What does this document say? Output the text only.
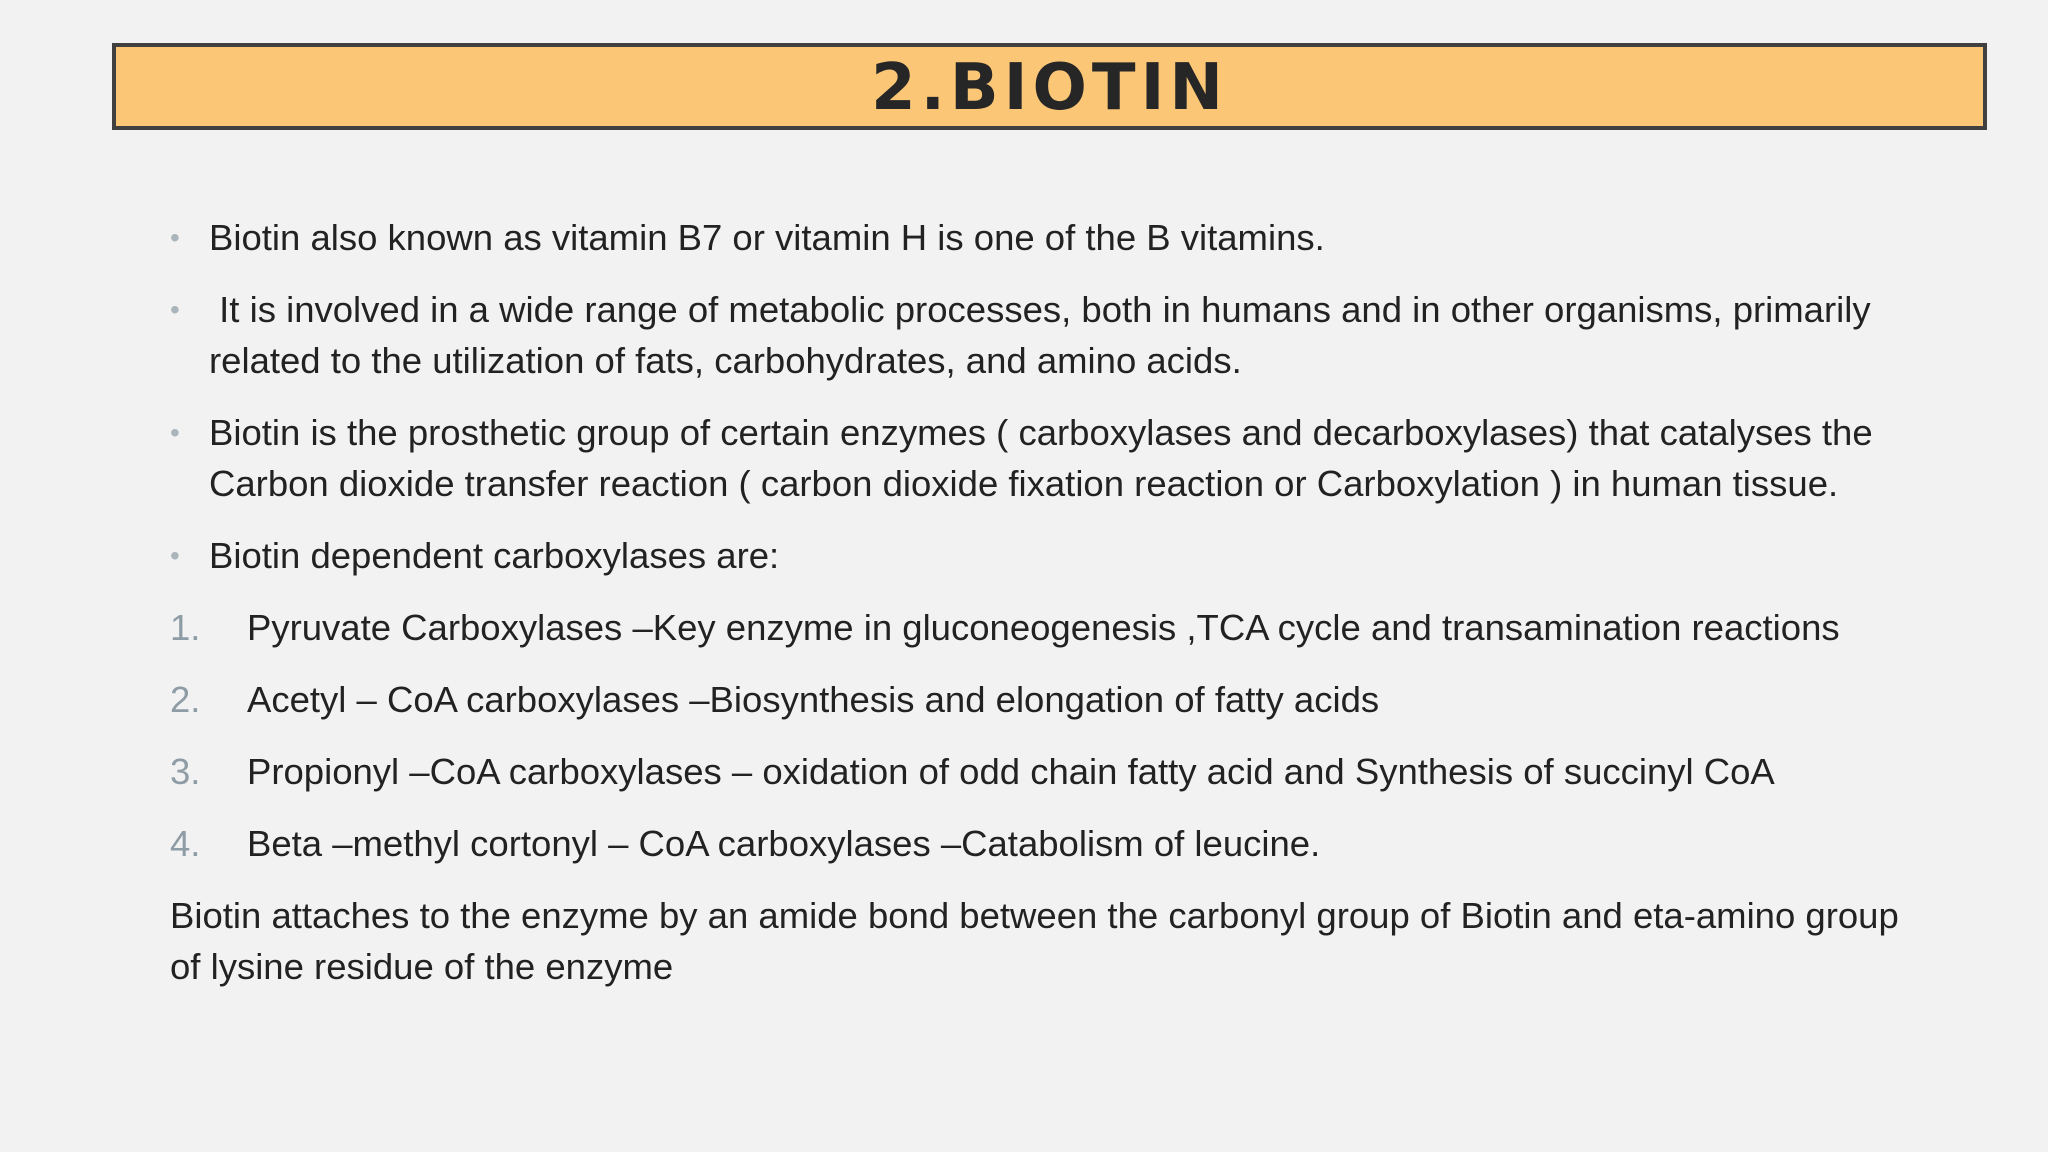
2.BIOTIN
• Biotin also known as vitamin B7 or vitamin H is one of the B vitamins.
• It is involved in a wide range of metabolic processes, both in humans and in other organisms, primarily related to the utilization of fats, carbohydrates, and amino acids.
• Biotin is the prosthetic group of certain enzymes ( carboxylases and decarboxylases) that catalyses the Carbon dioxide transfer reaction ( carbon dioxide fixation reaction or Carboxylation ) in human tissue.
• Biotin dependent carboxylases are:
1. Pyruvate Carboxylases –Key enzyme in gluconeogenesis ,TCA cycle and transamination reactions
2. Acetyl – CoA carboxylases –Biosynthesis and elongation of fatty acids
3. Propionyl –CoA carboxylases – oxidation of odd chain fatty acid and Synthesis of succinyl CoA
4. Beta –methyl cortonyl – CoA carboxylases –Catabolism of leucine.
Biotin attaches to the enzyme by an amide bond between the carbonyl group of Biotin and eta-amino group of lysine residue of the enzyme
